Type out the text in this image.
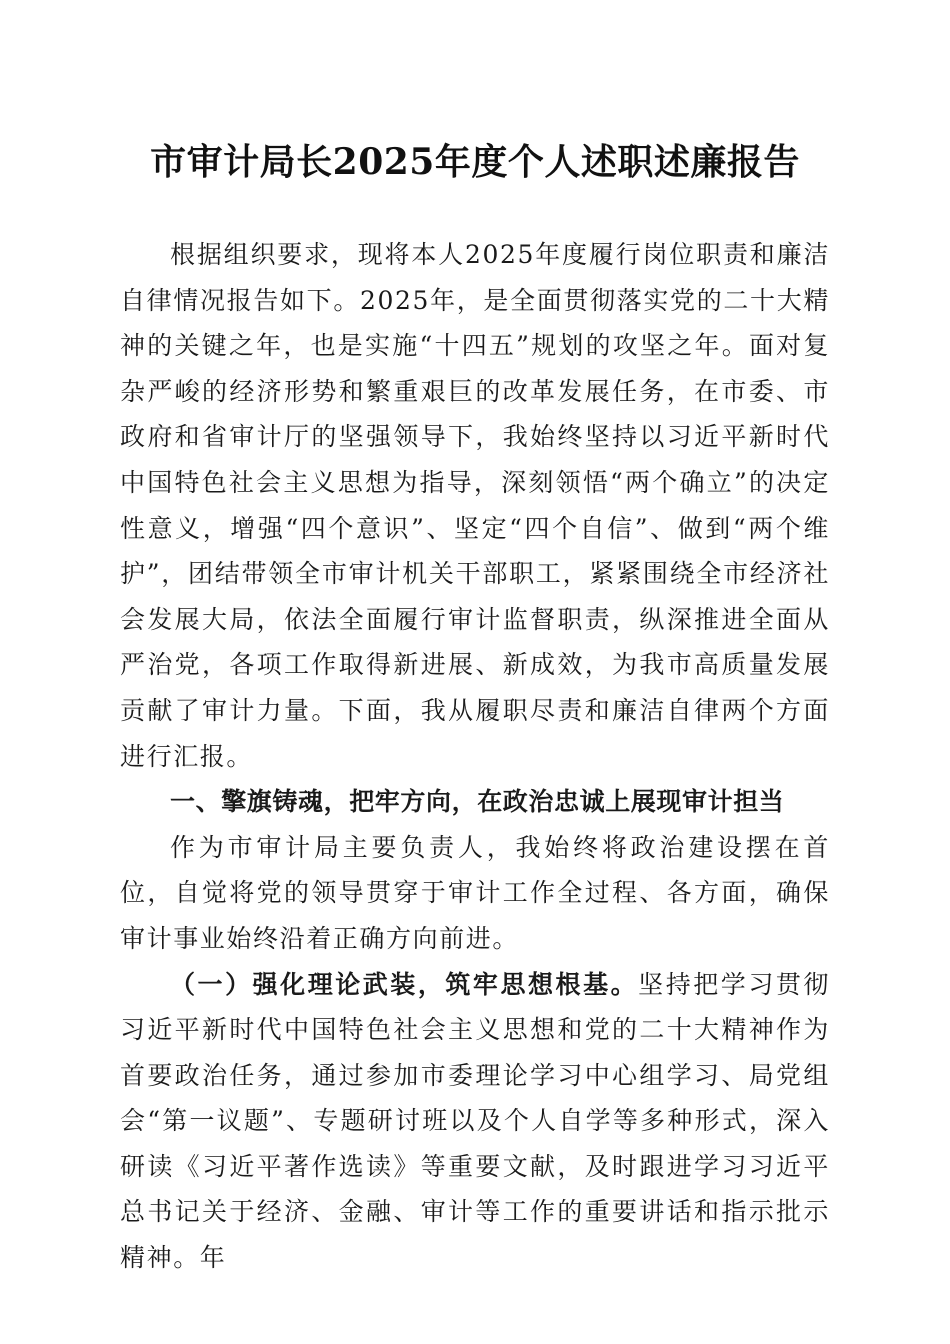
市审计局长2025年度个人述职述廉报告

根据组织要求，现将本人2025年度履行岗位职责和廉洁自律情况报告如下。2025年，是全面贯彻落实党的二十大精神的关键之年，也是实施“十四五”规划的攻坚之年。面对复杂严峻的经济形势和繁重艰巨的改革发展任务，在市委、市政府和省审计厅的坚强领导下，我始终坚持以习近平新时代中国特色社会主义思想为指导，深刻领悟“两个确立”的决定性意义，增强“四个意识”、坚定“四个自信”、做到“两个维护”，团结带领全市审计机关干部职工，紧紧围绕全市经济社会发展大局，依法全面履行审计监督职责，纵深推进全面从严治党，各项工作取得新进展、新成效，为我市高质量发展贡献了审计力量。下面，我从履职尽责和廉洁自律两个方面进行汇报。

一、擎旗铸魂，把牢方向，在政治忠诚上展现审计担当

作为市审计局主要负责人，我始终将政治建设摆在首位，自觉将党的领导贯穿于审计工作全过程、各方面，确保审计事业始终沿着正确方向前进。

（一）强化理论武装，筑牢思想根基。坚持把学习贯彻习近平新时代中国特色社会主义思想和党的二十大精神作为首要政治任务，通过参加市委理论学习中心组学习、局党组会“第一议题”、专题研讨班以及个人自学等多种形式，深入研读《习近平著作选读》等重要文献，及时跟进学习习近平总书记关于经济、金融、审计等工作的重要讲话和指示批示精神。年
